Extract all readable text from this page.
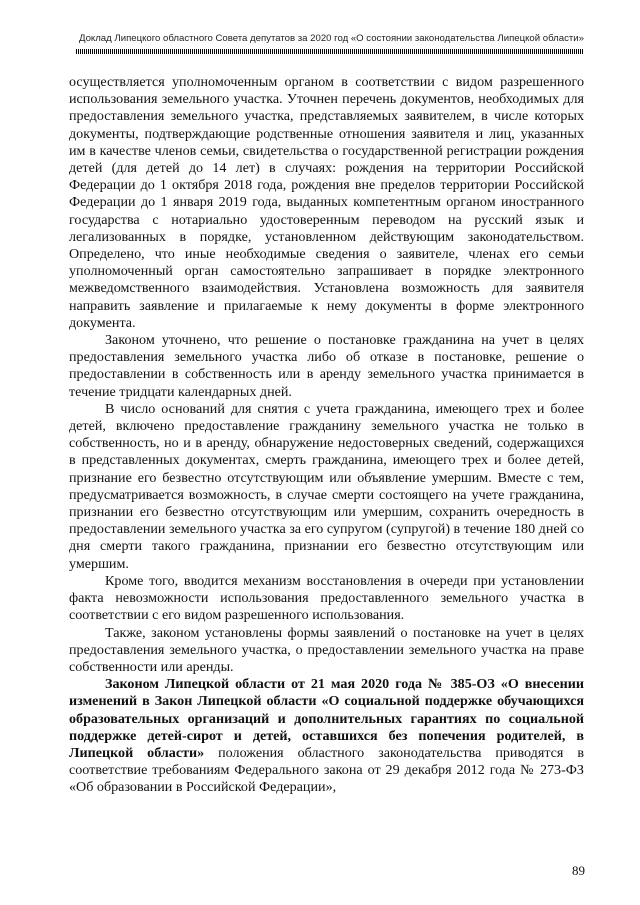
Доклад Липецкого областного Совета депутатов за 2020 год «О состоянии законодательства Липецкой области»

осуществляется уполномоченным органом в соответствии с видом разрешенного использования земельного участка. Уточнен перечень документов, необходимых для предоставления земельного участка, представляемых заявителем, в числе которых документы, подтверждающие родственные отношения заявителя и лиц, указанных им в качестве членов семьи, свидетельства о государственной регистрации рождения детей (для детей до 14 лет) в случаях: рождения на территории Российской Федерации до 1 октября 2018 года, рождения вне пределов территории Российской Федерации до 1 января 2019 года, выданных компетентным органом иностранного государства с нотариально удостоверенным переводом на русский язык и легализованных в порядке, установленном действующим законодательством. Определено, что иные необходимые сведения о заявителе, членах его семьи уполномоченный орган самостоятельно запрашивает в порядке электронного межведомственного взаимодействия. Установлена возможность для заявителя направить заявление и прилагаемые к нему документы в форме электронного документа.

Законом уточнено, что решение о постановке гражданина на учет в целях предоставления земельного участка либо об отказе в постановке, решение о предоставлении в собственность или в аренду земельного участка принимается в течение тридцати календарных дней.

В число оснований для снятия с учета гражданина, имеющего трех и более детей, включено предоставление гражданину земельного участка не только в собственность, но и в аренду, обнаружение недостоверных сведений, содержащихся в представленных документах, смерть гражданина, имеющего трех и более детей, признание его безвестно отсутствующим или объявление умершим. Вместе с тем, предусматривается возможность, в случае смерти состоящего на учете гражданина, признании его безвестно отсутствующим или умершим, сохранить очередность в предоставлении земельного участка за его супругом (супругой) в течение 180 дней со дня смерти такого гражданина, признании его безвестно отсутствующим или умершим.

Кроме того, вводится механизм восстановления в очереди при установлении факта невозможности использования предоставленного земельного участка в соответствии с его видом разрешенного использования.

Также, законом установлены формы заявлений о постановке на учет в целях предоставления земельного участка, о предоставлении земельного участка на праве собственности или аренды.

Законом Липецкой области от 21 мая 2020 года № 385-ОЗ «О внесении изменений в Закон Липецкой области «О социальной поддержке обучающихся образовательных организаций и дополнительных гарантиях по социальной поддержке детей-сирот и детей, оставшихся без попечения родителей, в Липецкой области» положения областного законодательства приводятся в соответствие требованиям Федерального закона от 29 декабря 2012 года № 273-ФЗ «Об образовании в Российской Федерации»,

89
